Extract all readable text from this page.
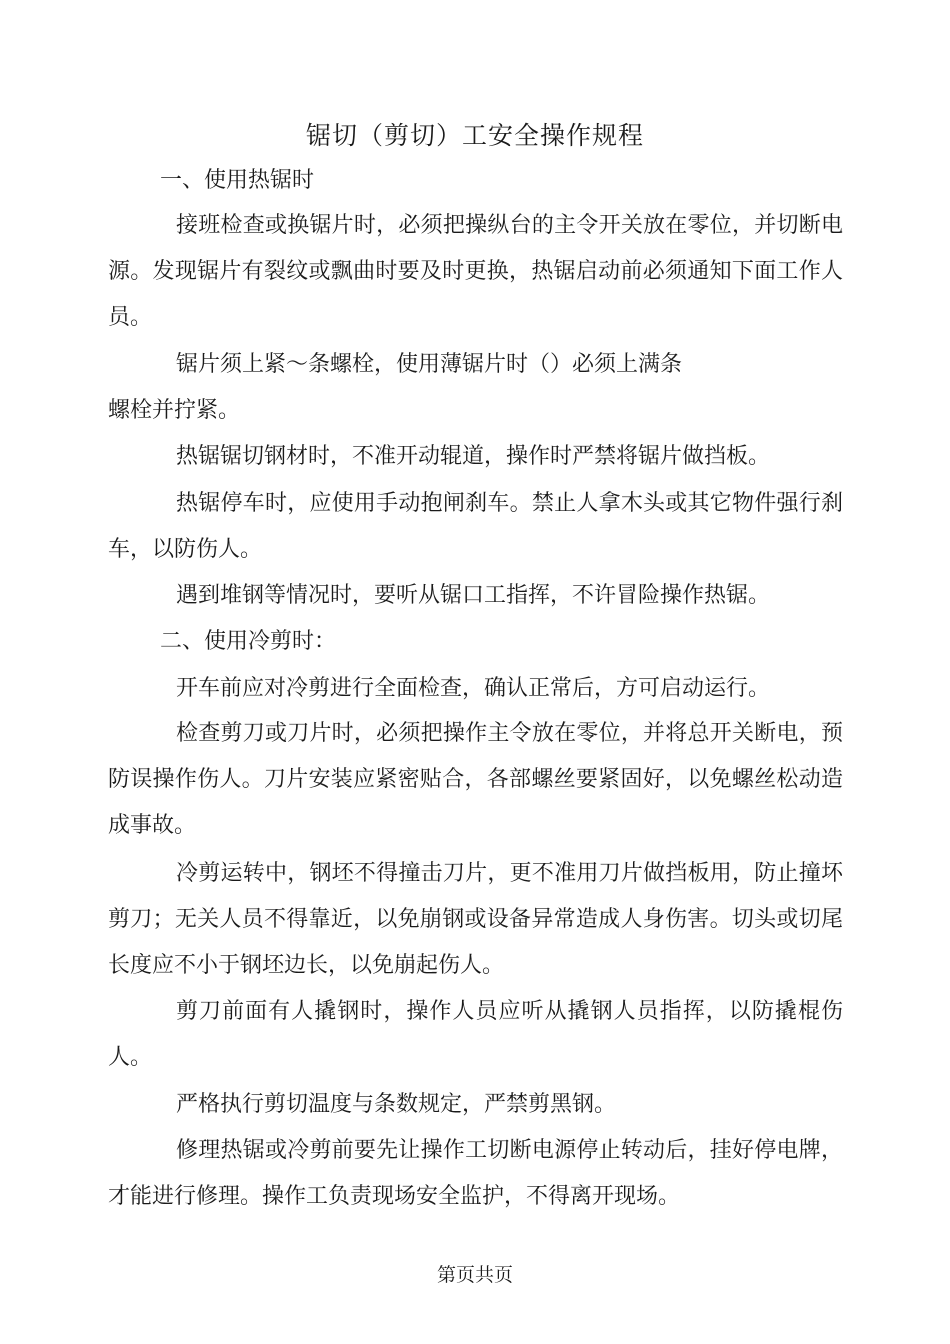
锯切（剪切）工安全操作规程
一、使用热锯时
接班检查或换锯片时，必须把操纵台的主令开关放在零位，并切断电源。发现锯片有裂纹或飘曲时要及时更换，热锯启动前必须通知下面工作人员。
锯片须上紧〜条螺栓，使用薄锯片时（）必须上满条
螺栓并拧紧。
热锯锯切钢材时，不准开动辊道，操作时严禁将锯片做挡板。
热锯停车时，应使用手动抱闸刹车。禁止人拿木头或其它物件强行刹车，以防伤人。
遇到堆钢等情况时，要听从锯口工指挥，不许冒险操作热锯。
二、使用冷剪时：
开车前应对冷剪进行全面检查，确认正常后，方可启动运行。
检查剪刀或刀片时，必须把操作主令放在零位，并将总开关断电，预防误操作伤人。刀片安装应紧密贴合，各部螺丝要紧固好，以免螺丝松动造成事故。
冷剪运转中，钢坯不得撞击刀片，更不准用刀片做挡板用，防止撞坏剪刀；无关人员不得靠近，以免崩钢或设备异常造成人身伤害。切头或切尾长度应不小于钢坯边长，以免崩起伤人。
剪刀前面有人撬钢时，操作人员应听从撬钢人员指挥，以防撬棍伤人。
严格执行剪切温度与条数规定，严禁剪黑钢。
修理热锯或冷剪前要先让操作工切断电源停止转动后，挂好停电牌，才能进行修理。操作工负责现场安全监护，不得离开现场。
第页共页
